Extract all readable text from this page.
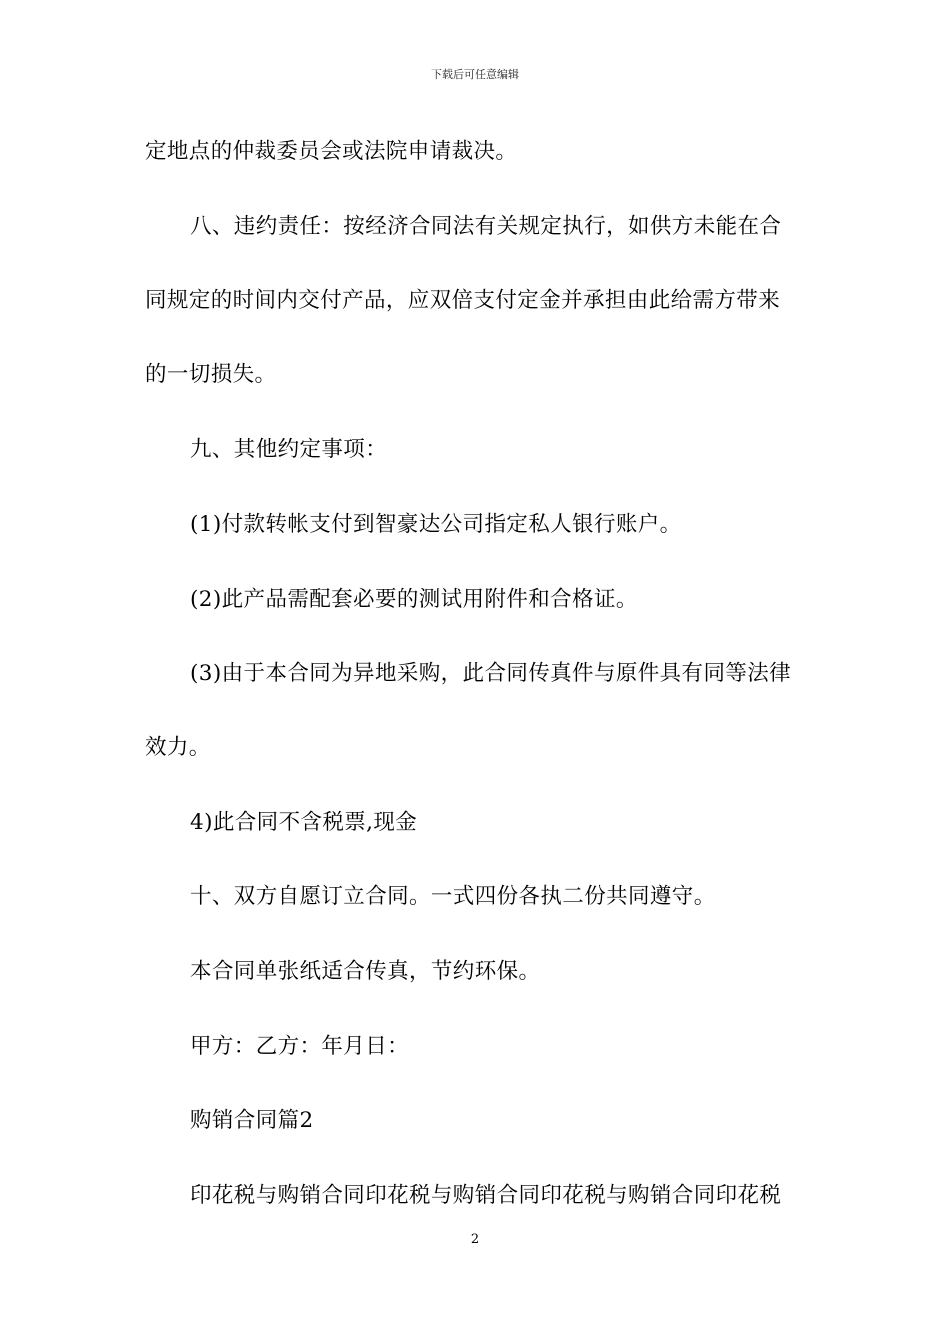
下载后可任意编辑
定地点的仲裁委员会或法院申请裁决。
八、违约责任：按经济合同法有关规定执行，如供方未能在合
同规定的时间内交付产品，应双倍支付定金并承担由此给需方带来
的一切损失。
九、其他约定事项：
(1)付款转帐支付到智豪达公司指定私人银行账户。
(2)此产品需配套必要的测试用附件和合格证。
(3)由于本合同为异地采购，此合同传真件与原件具有同等法律
效力。
4)此合同不含税票,现金
十、双方自愿订立合同。一式四份各执二份共同遵守。
本合同单张纸适合传真，节约环保。
甲方：乙方：年月日：
购销合同篇2
印花税与购销合同印花税与购销合同印花税与购销合同印花税
2
